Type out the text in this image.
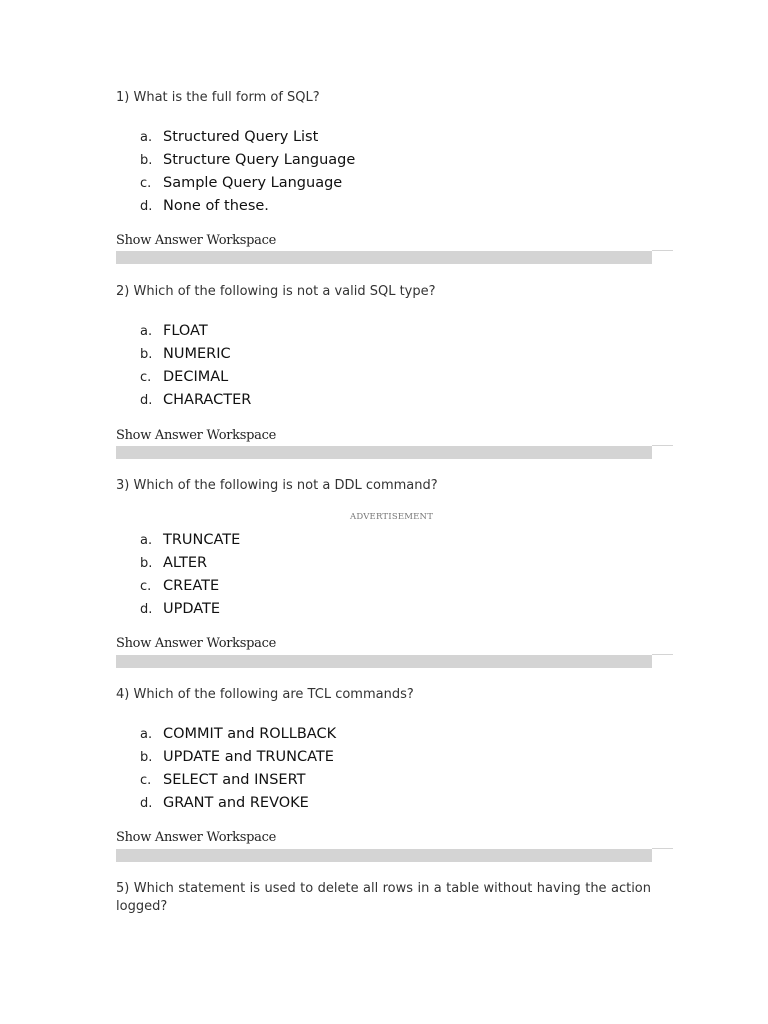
1) What is the full form of SQL?
a. Structured Query List
b. Structure Query Language
c. Sample Query Language
d. None of these.
Show Answer Workspace
2) Which of the following is not a valid SQL type?
a. FLOAT
b. NUMERIC
c. DECIMAL
d. CHARACTER
Show Answer Workspace
3) Which of the following is not a DDL command?
ADVERTISEMENT
a. TRUNCATE
b. ALTER
c. CREATE
d. UPDATE
Show Answer Workspace
4) Which of the following are TCL commands?
a. COMMIT and ROLLBACK
b. UPDATE and TRUNCATE
c. SELECT and INSERT
d. GRANT and REVOKE
Show Answer Workspace
5) Which statement is used to delete all rows in a table without having the action logged?
